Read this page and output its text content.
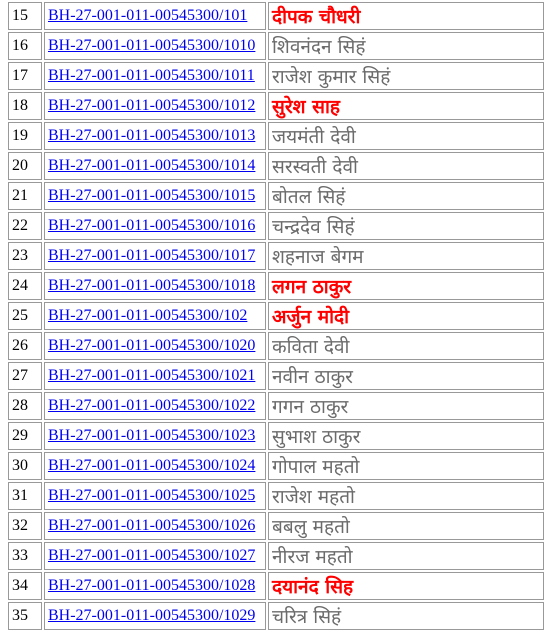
15	BH-27-001-011-00545300/101	दीपक चौधरी
16	BH-27-001-011-00545300/1010	शिवनंदन सिहं
17	BH-27-001-011-00545300/1011	राजेश कुमार सिहं
18	BH-27-001-011-00545300/1012	सुरेश साह
19	BH-27-001-011-00545300/1013	जयमंती देवी
20	BH-27-001-011-00545300/1014	सरस्वती देवी
21	BH-27-001-011-00545300/1015	बोतल सिहं
22	BH-27-001-011-00545300/1016	चन्द्रदेव सिहं
23	BH-27-001-011-00545300/1017	शहनाज बेगम
24	BH-27-001-011-00545300/1018	लगन ठाकुर
25	BH-27-001-011-00545300/102	अर्जुन मोदी
26	BH-27-001-011-00545300/1020	कविता देवी
27	BH-27-001-011-00545300/1021	नवीन ठाकुर
28	BH-27-001-011-00545300/1022	गगन ठाकुर
29	BH-27-001-011-00545300/1023	सुभाश ठाकुर
30	BH-27-001-011-00545300/1024	गोपाल महतो
31	BH-27-001-011-00545300/1025	राजेश महतो
32	BH-27-001-011-00545300/1026	बबलु महतो
33	BH-27-001-011-00545300/1027	नीरज महतो
34	BH-27-001-011-00545300/1028	दयानंद सिह
35	BH-27-001-011-00545300/1029	चरित्र सिहं
